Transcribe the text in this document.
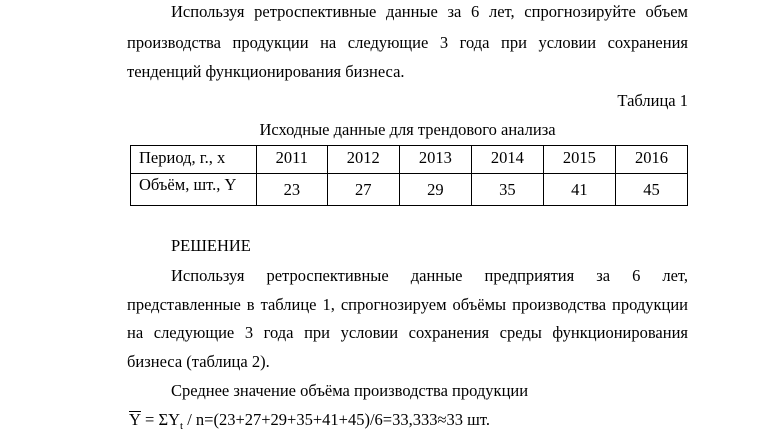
Используя ретроспективные данные за 6 лет, спрогнозируйте объем
производства продукции на следующие 3 года при условии сохранения
тенденций функционирования бизнеса.
Таблица 1
Исходные данные для трендового анализа
Период, г., x	2011	2012	2013	2014	2015	2016
Объём, шт., Y	23	27	29	35	41	45
РЕШЕНИЕ
Используя ретроспективные данные предприятия за 6 лет,
представленные в таблице 1, спрогнозируем объёмы производства продукции
на следующие 3 года при условии сохранения среды функционирования
бизнеса (таблица 2).
Среднее значение объёма производства продукции
$Y = \Sigma Y_t / n=(23+27+29+35+41+45)/6=33,333\approx 33$ шт.
